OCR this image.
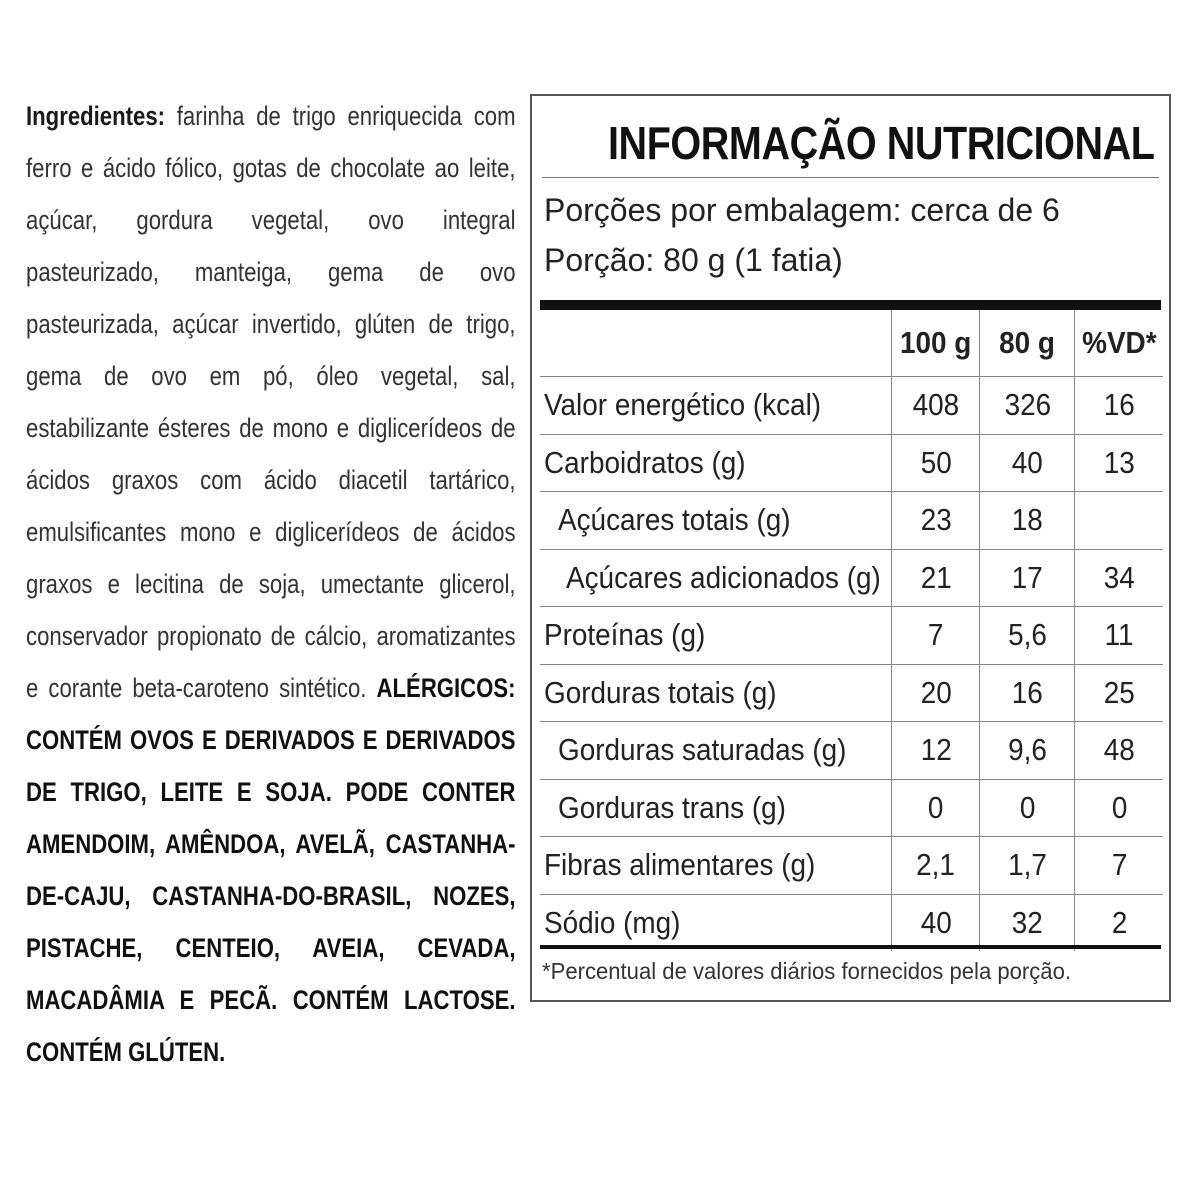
Ingredientes: farinha de trigo enriquecida com ferro e ácido fólico, gotas de chocolate ao leite, açúcar, gordura vegetal, ovo integral pasteurizado, manteiga, gema de ovo pasteurizada, açúcar invertido, glúten de trigo, gema de ovo em pó, óleo vegetal, sal, estabilizante ésteres de mono e diglicerídeos de ácidos graxos com ácido diacetil tartárico, emulsificantes mono e diglicerídeos de ácidos graxos e lecitina de soja, umectante glicerol, conservador propionato de cálcio, aromatizantes e corante beta-caroteno sintético. ALÉRGICOS: CONTÉM OVOS E DERIVADOS E DERIVADOS DE TRIGO, LEITE E SOJA. PODE CONTER AMENDOIM, AMÊNDOA, AVELÃ, CASTANHA-DE-CAJU, CASTANHA-DO-BRASIL, NOZES, PISTACHE, CENTEIO, AVEIA, CEVADA, MACADÂMIA E PECÃ. CONTÉM LACTOSE. CONTÉM GLÚTEN.
INFORMAÇÃO NUTRICIONAL
Porções por embalagem: cerca de 6
Porção: 80 g (1 fatia)
100 g 80 g %VD*
Valor energético (kcal)	408 326 16
Carboidratos (g)	50 40 13
Açúcares totais (g)	23 18
Açúcares adicionados (g) 21 17 34
Proteínas (g)	7 5,6 11
Gorduras totais (g)	20 16 25
Gorduras saturadas (g) 12 9,6 48
Gorduras trans (g)	0 0 0
Fibras alimentares (g)	2,1 1,7 7
Sódio (mg)	40 32 2
*Percentual de valores diários fornecidos pela porção.
